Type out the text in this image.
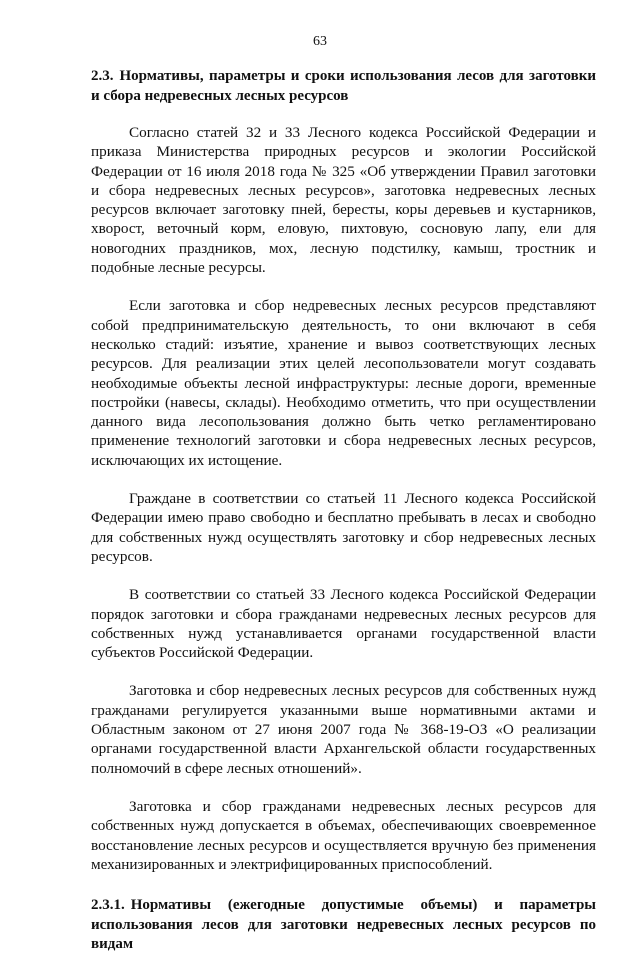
63

2.3. Нормативы, параметры и сроки использования лесов для заготовки и сбора недревесных лесных ресурсов

Согласно статей 32 и 33 Лесного кодекса Российской Федерации и приказа Министерства природных ресурсов и экологии Российской Федерации от 16 июля 2018 года № 325 «Об утверждении Правил заготовки и сбора недревесных лесных ресурсов», заготовка недревесных лесных ресурсов включает заготовку пней, бересты, коры деревьев и кустарников, хворост, веточный корм, еловую, пихтовую, сосновую лапу, ели для новогодних праздников, мох, лесную подстилку, камыш, тростник и подобные лесные ресурсы.

Если заготовка и сбор недревесных лесных ресурсов представляют собой предпринимательскую деятельность, то они включают в себя несколько стадий: изъятие, хранение и вывоз соответствующих лесных ресурсов. Для реализации этих целей лесопользователи могут создавать необходимые объекты лесной инфраструктуры: лесные дороги, временные постройки (навесы, склады). Необходимо отметить, что при осуществлении данного вида лесопользования должно быть четко регламентировано применение технологий заготовки и сбора недревесных лесных ресурсов, исключающих их истощение.

Граждане в соответствии со статьей 11 Лесного кодекса Российской Федерации имею право свободно и бесплатно пребывать в лесах и свободно для собственных нужд осуществлять заготовку и сбор недревесных лесных ресурсов.

В соответствии со статьей 33 Лесного кодекса Российской Федерации порядок заготовки и сбора гражданами недревесных лесных ресурсов для собственных нужд устанавливается органами государственной власти субъектов Российской Федерации.

Заготовка и сбор недревесных лесных ресурсов для собственных нужд гражданами регулируется указанными выше нормативными актами и Областным законом от 27 июня 2007 года № 368-19-ОЗ «О реализации органами государственной власти Архангельской области государственных полномочий в сфере лесных отношений».

Заготовка и сбор гражданами недревесных лесных ресурсов для собственных нужд допускается в объемах, обеспечивающих своевременное восстановление лесных ресурсов и осуществляется вручную без применения механизированных и электрифицированных приспособлений.

2.3.1. Нормативы (ежегодные допустимые объемы) и параметры использования лесов для заготовки недревесных лесных ресурсов по видам
